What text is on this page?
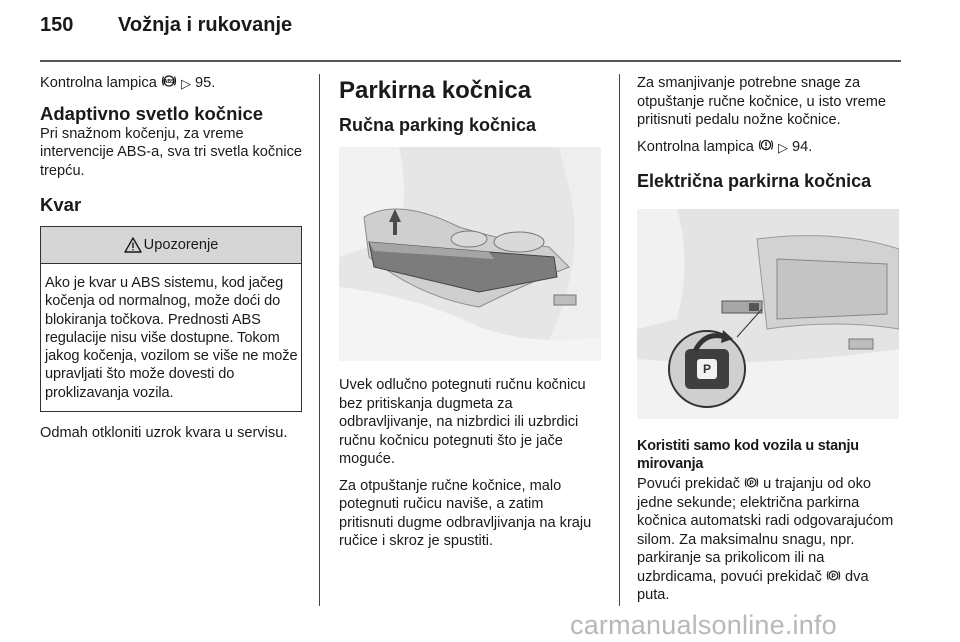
150	Vožnja i rukovanje

Kontrolna lampica ABS ▷ 95.

Adaptivno svetlo kočnice

Pri snažnom kočenju, za vreme intervencije ABS-a, sva tri svetla kočnice trepću.

Kvar
Upozorenje

Ako je kvar u ABS sistemu, kod jačeg kočenja od normalnog, može doći do blokiranja točkova. Prednosti ABS regulacije nisu više dostupne. Tokom jakog kočenja, vozilom se više ne može upravljati što može dovesti do proklizavanja vozila.

Odmah otkloniti uzrok kvara u servisu.

Parkirna kočnica
Ručna parking kočnica

Uvek odlučno potegnuti ručnu kočnicu bez pritiskanja dugmeta za odbravljivanje, na nizbrdici ili uzbrdici ručnu kočnicu potegnuti što je jače moguće.

Za otpuštanje ručne kočnice, malo potegnuti ručicu naviše, a zatim pritisnuti dugme odbravljivanja na kraju ručice i skroz je spustiti.

Za smanjivanje potrebne snage za otpuštanje ručne kočnice, u isto vreme pritisnuti pedalu nožne kočnice.

Kontrolna lampica  ▷ 94.

Električna parkirna kočnica
P

Koristiti samo kod vozila u stanju mirovanja

Povući prekidač P u trajanju od oko jedne sekunde; električna parkirna kočnica automatski radi odgovarajućom silom. Za maksimalnu snagu, npr. parkiranje sa prikolicom ili na uzbrdicama, povući prekidač P dva puta.

carmanualsonline.info
